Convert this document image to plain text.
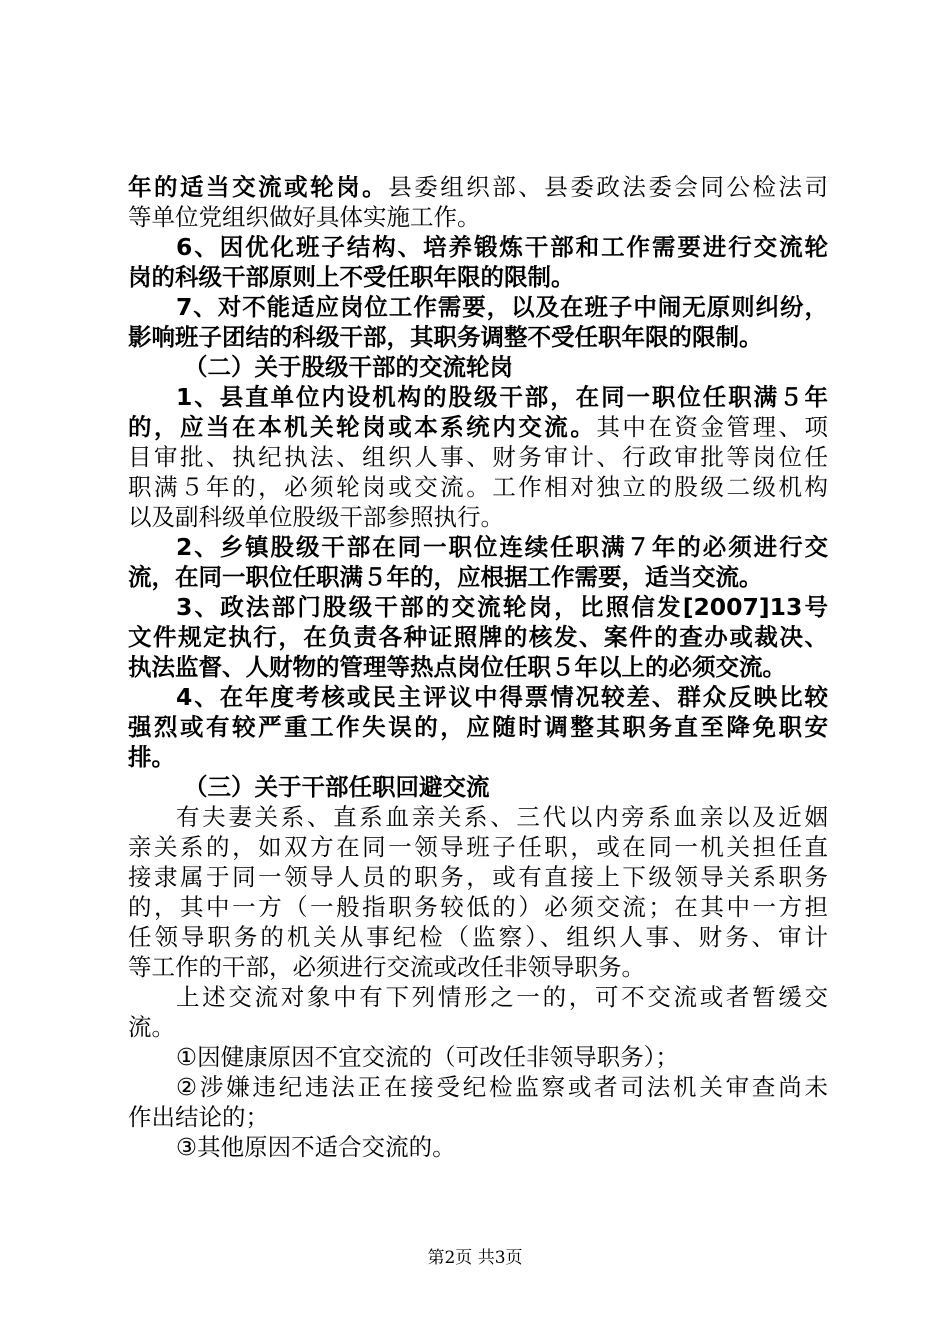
年的适当交流或轮岗。县委组织部、县委政法委会同公检法司
等单位党组织做好具体实施工作。
6、因优化班子结构、培养锻炼干部和工作需要进行交流轮
岗的科级干部原则上不受任职年限的限制。
7、对不能适应岗位工作需要，以及在班子中闹无原则纠纷，
影响班子团结的科级干部，其职务调整不受任职年限的限制。
（二）关于股级干部的交流轮岗
1、县直单位内设机构的股级干部，在同一职位任职满５年
的，应当在本机关轮岗或本系统内交流。其中在资金管理、项
目审批、执纪执法、组织人事、财务审计、行政审批等岗位任
职满５年的，必须轮岗或交流。工作相对独立的股级二级机构
以及副科级单位股级干部参照执行。
2、乡镇股级干部在同一职位连续任职满７年的必须进行交
流，在同一职位任职满５年的，应根据工作需要，适当交流。
3、政法部门股级干部的交流轮岗，比照信发[2007]13号
文件规定执行，在负责各种证照牌的核发、案件的查办或裁决、
执法监督、人财物的管理等热点岗位任职５年以上的必须交流。
4、在年度考核或民主评议中得票情况较差、群众反映比较
强烈或有较严重工作失误的，应随时调整其职务直至降免职安
排。
（三）关于干部任职回避交流
有夫妻关系、直系血亲关系、三代以内旁系血亲以及近姻
亲关系的，如双方在同一领导班子任职，或在同一机关担任直
接隶属于同一领导人员的职务，或有直接上下级领导关系职务
的，其中一方（一般指职务较低的）必须交流；在其中一方担
任领导职务的机关从事纪检（监察）、组织人事、财务、审计
等工作的干部，必须进行交流或改任非领导职务。
上述交流对象中有下列情形之一的，可不交流或者暂缓交
流。
①因健康原因不宜交流的（可改任非领导职务）；
②涉嫌违纪违法正在接受纪检监察或者司法机关审查尚未
作出结论的；
③其他原因不适合交流的。
第2页 共3页
